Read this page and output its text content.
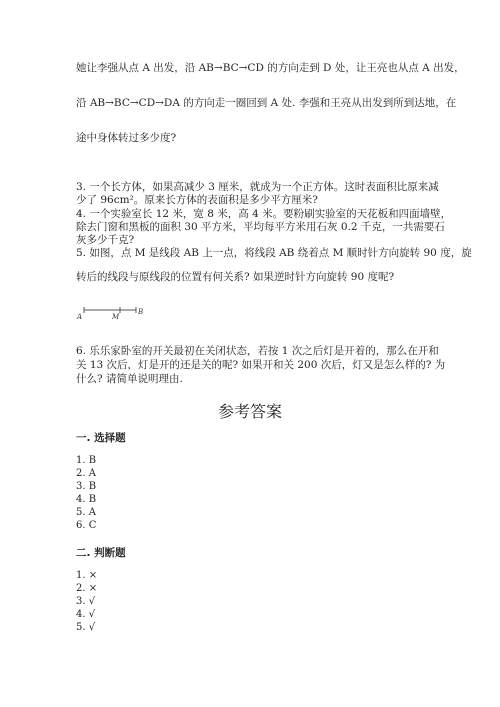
她让李强从点 A 出发，沿 AB→BC→CD 的方向走到 D 处，让王亮也从点 A 出发，
沿 AB→BC→CD→DA 的方向走一圈回到 A 处. 李强和王亮从出发到所到达地，在
途中身体转过多少度?
3. 一个长方体，如果高减少 3 厘米，就成为一个正方体。这时表面积比原来减
少了 96cm²。原来长方体的表面积是多少平方厘米?
4. 一个实验室长 12 米，宽 8 米，高 4 米。要粉刷实验室的天花板和四面墙壁，
除去门窗和黑板的面积 30 平方米，平均每平方米用石灰 0.2 千克，一共需要石
灰多少千克?
5. 如图，点 M 是线段 AB 上一点，将线段 AB 绕着点 M 顺时针方向旋转 90 度，旋
转后的线段与原线段的位置有何关系? 如果逆时针方向旋转 90 度呢?
A	M
B
6. 乐乐家卧室的开关最初在关闭状态，若按 1 次之后灯是开着的，那么在开和
关 13 次后，灯是开的还是关的呢? 如果开和关 200 次后，灯又是怎么样的? 为
什么? 请简单说明理由.
参考答案
一. 选择题
1. B
2. A
3. B
4. B
5. A
6. C
二. 判断题
1. ×
2. ×
3. √
4. √
5. √
